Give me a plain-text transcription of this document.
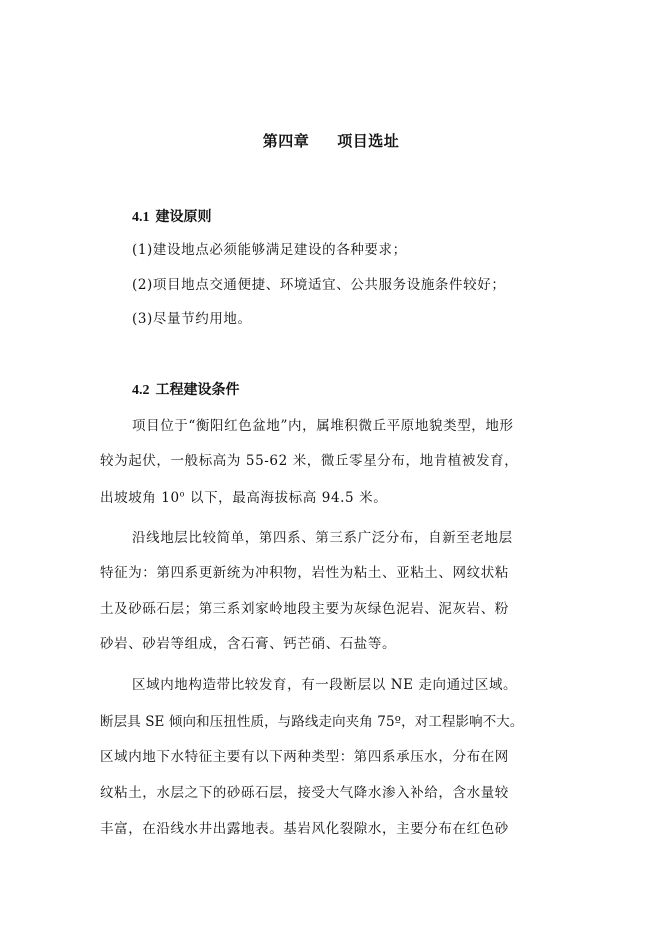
第四章 项目选址
4.1 建设原则
(1)建设地点必须能够满足建设的各种要求；
(2)项目地点交通便捷、环境适宜、公共服务设施条件较好；
(3)尽量节约用地。
4.2 工程建设条件
项目位于“衡阳红色盆地”内，属堆积微丘平原地貌类型，地形
较为起伏，一般标高为 55-62 米，微丘零星分布，地肯植被发育，
出坡坡角 10$^o$ 以下，最高海拔标高 94.5 米。
沿线地层比较简单，第四系、第三系广泛分布，自新至老地层
特征为：第四系更新统为冲积物，岩性为粘土、亚粘土、网纹状粘
土及砂砾石层；第三系刘家岭地段主要为灰绿色泥岩、泥灰岩、粉
砂岩、砂岩等组成，含石膏、钙芒硝、石盐等。
区域内地构造带比较发育，有一段断层以 NE 走向通过区域。
断层具 SE 倾向和压扭性质，与路线走向夹角 75º，对工程影响不大。
区域内地下水特征主要有以下两种类型：第四系承压水，分布在网
纹粘土，水层之下的砂砾石层，接受大气降水渗入补给，含水量较
丰富，在沿线水井出露地表。基岩风化裂隙水，主要分布在红色砂
